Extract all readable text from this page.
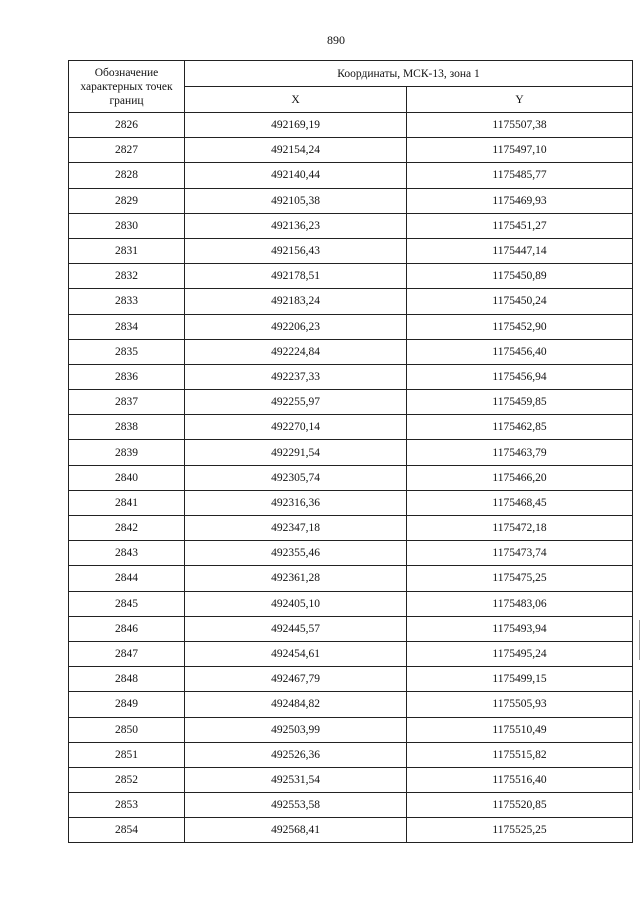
890
Обозначение характерных точек границ	Координаты, МСК-13, зона 1	
	X	Y
2826	492169,19	1175507,38
2827	492154,24	1175497,10
2828	492140,44	1175485,77
2829	492105,38	1175469,93
2830	492136,23	1175451,27
2831	492156,43	1175447,14
2832	492178,51	1175450,89
2833	492183,24	1175450,24
2834	492206,23	1175452,90
2835	492224,84	1175456,40
2836	492237,33	1175456,94
2837	492255,97	1175459,85
2838	492270,14	1175462,85
2839	492291,54	1175463,79
2840	492305,74	1175466,20
2841	492316,36	1175468,45
2842	492347,18	1175472,18
2843	492355,46	1175473,74
2844	492361,28	1175475,25
2845	492405,10	1175483,06
2846	492445,57	1175493,94
2847	492454,61	1175495,24
2848	492467,79	1175499,15
2849	492484,82	1175505,93
2850	492503,99	1175510,49
2851	492526,36	1175515,82
2852	492531,54	1175516,40
2853	492553,58	1175520,85
2854	492568,41	1175525,25
